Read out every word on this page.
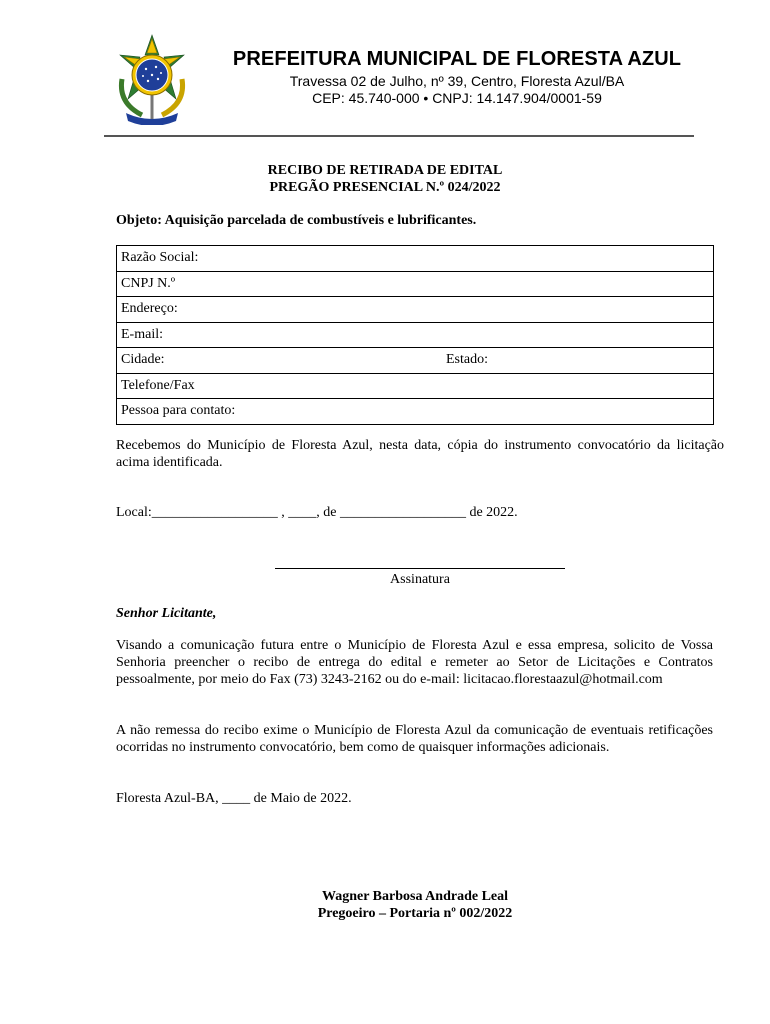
PREFEITURA MUNICIPAL DE FLORESTA AZUL
Travessa 02 de Julho, nº 39, Centro, Floresta Azul/BA
CEP: 45.740-000 • CNPJ: 14.147.904/0001-59
RECIBO DE RETIRADA DE EDITAL
PREGÃO PRESENCIAL N.º 024/2022
Objeto: Aquisição parcelada de combustíveis e lubrificantes.
Razão Social:
CNPJ N.º
Endereço:
E-mail:
Cidade:	Estado:
Telefone/Fax
Pessoa para contato:
Recebemos do Município de Floresta Azul, nesta data, cópia do instrumento convocatório da licitação acima identificada.
Local:__________________ , ____, de __________________ de 2022.
Assinatura
Senhor Licitante,
Visando a comunicação futura entre o Município de Floresta Azul e essa empresa, solicito de Vossa Senhoria preencher o recibo de entrega do edital e remeter ao Setor de Licitações e Contratos pessoalmente, por meio do Fax (73) 3243-2162 ou do e-mail: licitacao.florestaazul@hotmail.com
A não remessa do recibo exime o Município de Floresta Azul da comunicação de eventuais retificações ocorridas no instrumento convocatório, bem como de quaisquer informações adicionais.
Floresta Azul-BA, ____ de Maio de 2022.
Wagner Barbosa Andrade Leal
Pregoeiro – Portaria nº 002/2022
